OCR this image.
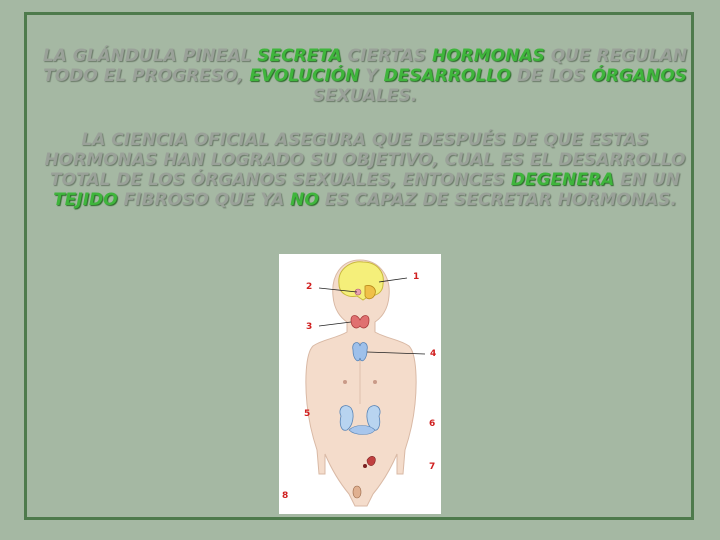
LA GLÁNDULA PINEAL SECRETA CIERTAS HORMONAS QUE REGULAN TODO EL PROGRESO, EVOLUCIÓN Y DESARROLLO DE LOS ÓRGANOS SEXUALES.

LA CIENCIA OFICIAL ASEGURA QUE DESPUÉS DE QUE ESTAS HORMONAS HAN LOGRADO SU OBJETIVO, CUAL ES EL DESARROLLO TOTAL DE LOS ÓRGANOS SEXUALES, ENTONCES DEGENERA EN UN TEJIDO FIBROSO QUE YA NO ES CAPAZ DE SECRETAR HORMONAS.

1
2
3
4
5
6
7
8
